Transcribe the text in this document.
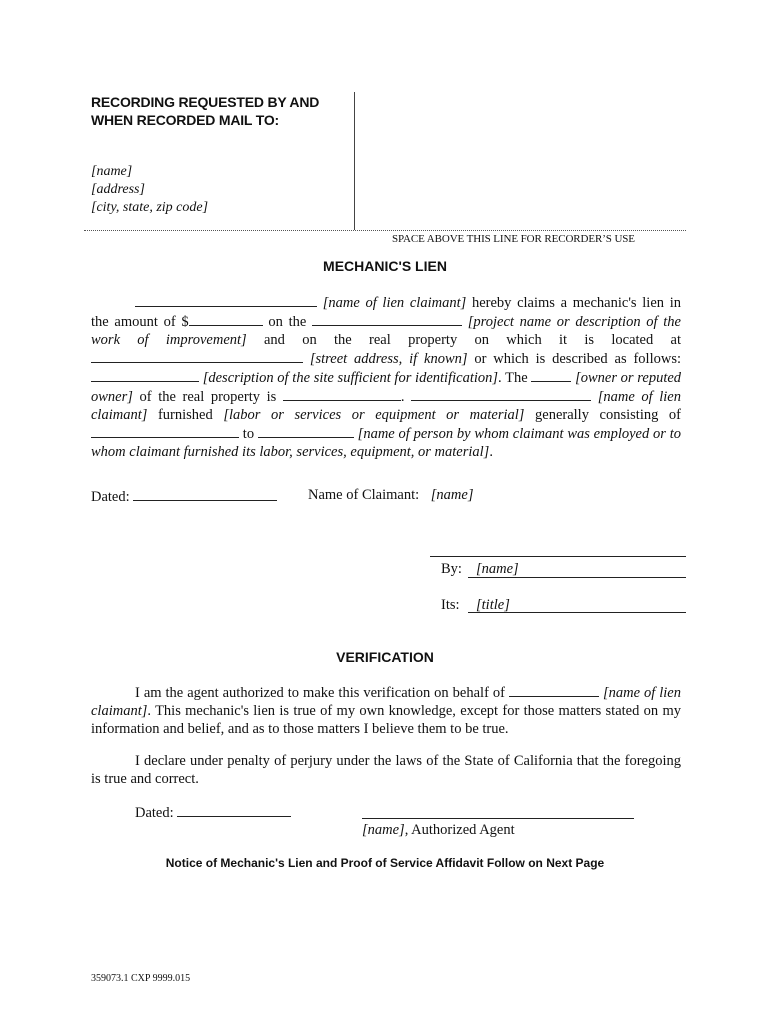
RECORDING REQUESTED BY AND
WHEN RECORDED MAIL TO:
[name]
[address]
[city, state, zip code]
SPACE ABOVE THIS LINE FOR RECORDER’S USE
MECHANIC'S LIEN
[name of lien claimant] hereby claims a mechanic's lien in the amount of $	on the	[project name or description of the work of improvement] and on the real property on which it is located at  [street address, if known] or which is described as follows:  [description of the site sufficient for identification]. The	[owner or reputed owner] of the real property is	.	[name of lien claimant] furnished [labor or services or equipment or material] generally consisting of  to	[name of person by whom claimant was employed or to whom claimant furnished its labor, services, equipment, or material].
Dated:	Name of Claimant: [name]
By: [name]
Its: [title]
VERIFICATION
I am the agent authorized to make this verification on behalf of	[name of lien claimant]. This mechanic's lien is true of my own knowledge, except for those matters stated on my information and belief, and as to those matters I believe them to be true.
I declare under penalty of perjury under the laws of the State of California that the foregoing is true and correct.
Dated:
[name], Authorized Agent
Notice of Mechanic's Lien and Proof of Service Affidavit Follow on Next Page
359073.1 CXP 9999.015
